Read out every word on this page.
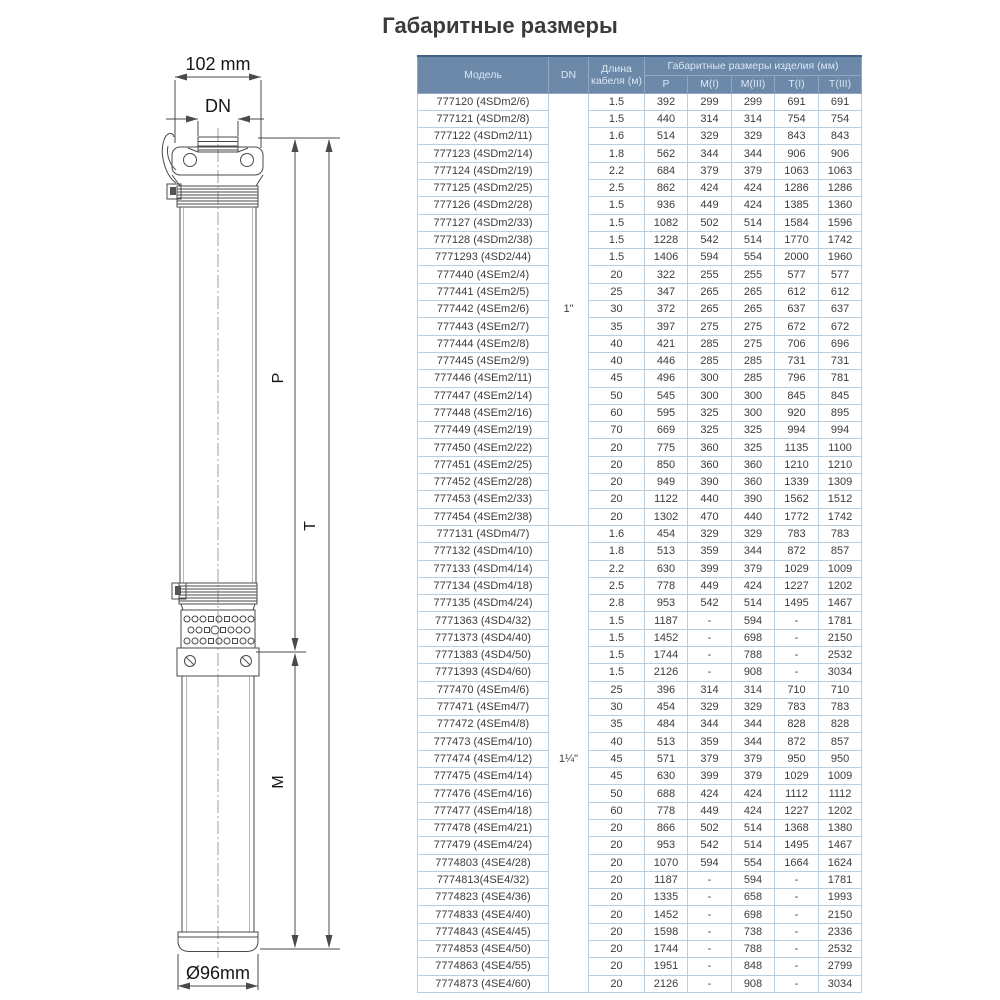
Габаритные размеры
102 mm
DN
Ø96mm
P
M
T
Модель	DN	Длина кабеля (м)	Габаритные размеры изделия (мм)				
			P	M(I)	M(III)	T(I)	T(III)
777120 (4SDm2/6)	1"	1.5	392	299	299	691	691
777121 (4SDm2/8)		1.5	440	314	314	754	754
777122 (4SDm2/11)		1.6	514	329	329	843	843
777123 (4SDm2/14)		1.8	562	344	344	906	906
777124 (4SDm2/19)		2.2	684	379	379	1063	1063
777125 (4SDm2/25)		2.5	862	424	424	1286	1286
777126 (4SDm2/28)		1.5	936	449	424	1385	1360
777127 (4SDm2/33)		1.5	1082	502	514	1584	1596
777128 (4SDm2/38)		1.5	1228	542	514	1770	1742
7771293 (4SD2/44)		1.5	1406	594	554	2000	1960
777440 (4SEm2/4)		20	322	255	255	577	577
777441 (4SEm2/5)		25	347	265	265	612	612
777442 (4SEm2/6)		30	372	265	265	637	637
777443 (4SEm2/7)		35	397	275	275	672	672
777444 (4SEm2/8)		40	421	285	275	706	696
777445 (4SEm2/9)		40	446	285	285	731	731
777446 (4SEm2/11)		45	496	300	285	796	781
777447 (4SEm2/14)		50	545	300	300	845	845
777448 (4SEm2/16)		60	595	325	300	920	895
777449 (4SEm2/19)		70	669	325	325	994	994
777450 (4SEm2/22)		20	775	360	325	1135	1100
777451 (4SEm2/25)		20	850	360	360	1210	1210
777452 (4SEm2/28)		20	949	390	360	1339	1309
777453 (4SEm2/33)		20	1122	440	390	1562	1512
777454 (4SEm2/38)		20	1302	470	440	1772	1742
777131 (4SDm4/7)	1¼"	1.6	454	329	329	783	783
777132 (4SDm4/10)		1.8	513	359	344	872	857
777133 (4SDm4/14)		2.2	630	399	379	1029	1009
777134 (4SDm4/18)		2.5	778	449	424	1227	1202
777135 (4SDm4/24)		2.8	953	542	514	1495	1467
7771363 (4SD4/32)		1.5	1187	-	594	-	1781
7771373 (4SD4/40)		1.5	1452	-	698	-	2150
7771383 (4SD4/50)		1.5	1744	-	788	-	2532
7771393 (4SD4/60)		1.5	2126	-	908	-	3034
777470 (4SEm4/6)		25	396	314	314	710	710
777471 (4SEm4/7)		30	454	329	329	783	783
777472 (4SEm4/8)		35	484	344	344	828	828
777473 (4SEm4/10)		40	513	359	344	872	857
777474 (4SEm4/12)		45	571	379	379	950	950
777475 (4SEm4/14)		45	630	399	379	1029	1009
777476 (4SEm4/16)		50	688	424	424	1112	1112
777477 (4SEm4/18)		60	778	449	424	1227	1202
777478 (4SEm4/21)		20	866	502	514	1368	1380
777479 (4SEm4/24)		20	953	542	514	1495	1467
7774803 (4SE4/28)		20	1070	594	554	1664	1624
7774813(4SE4/32)		20	1187	-	594	-	1781
7774823 (4SE4/36)		20	1335	-	658	-	1993
7774833 (4SE4/40)		20	1452	-	698	-	2150
7774843 (4SE4/45)		20	1598	-	738	-	2336
7774853 (4SE4/50)		20	1744	-	788	-	2532
7774863 (4SE4/55)		20	1951	-	848	-	2799
7774873 (4SE4/60)		20	2126	-	908	-	3034
